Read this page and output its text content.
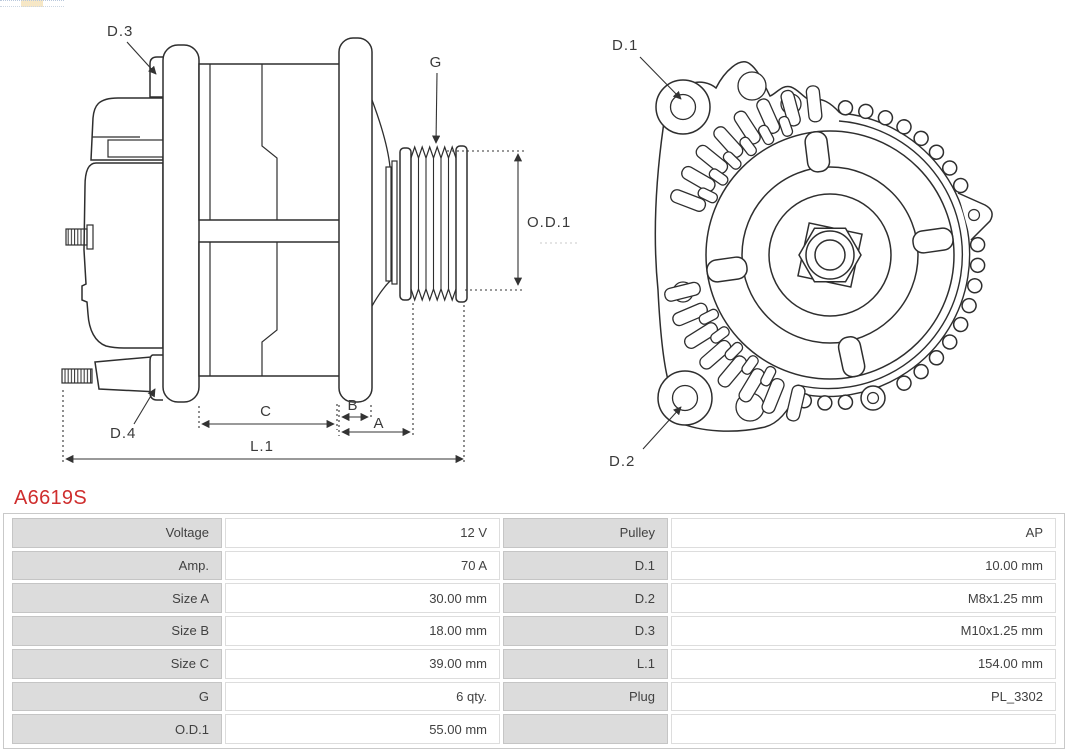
D.3
D.4
G
O.D.1
C	B
A
L.1
D.1
D.2
A6619S
Voltage	12 V	Pulley	AP
Amp.	70 A	D.1	10.00 mm
Size A	30.00 mm	D.2	M8x1.25 mm
Size B	18.00 mm	D.3	M10x1.25 mm
Size C	39.00 mm	L.1	154.00 mm
G	6 qty.	Plug	PL_3302
O.D.1	55.00 mm
